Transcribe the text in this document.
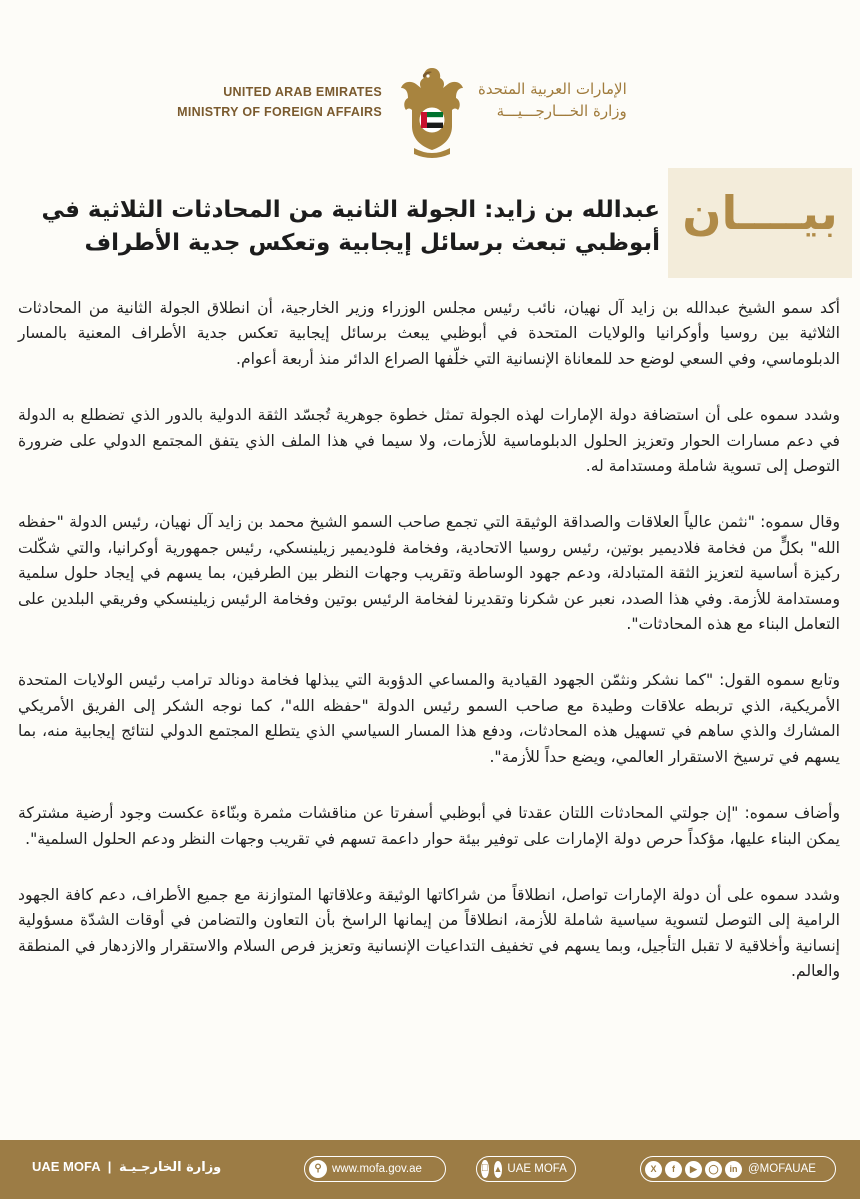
UNITED ARAB EMIRATES
MINISTRY OF FOREIGN AFFAIRS
الإمارات العربية المتحدة
وزارة الخـــارجـــيـــة
بيــــان
عبدالله بن زايد: الجولة الثانية من المحادثات الثلاثية في أبوظبي تبعث برسائل إيجابية وتعكس جدية الأطراف

أكد سمو الشيخ عبدالله بن زايد آل نهيان، نائب رئيس مجلس الوزراء وزير الخارجية، أن انطلاق الجولة الثانية من المحادثات الثلاثية بين روسيا وأوكرانيا والولايات المتحدة في أبوظبي يبعث برسائل إيجابية تعكس جدية الأطراف المعنية بالمسار الدبلوماسي، وفي السعي لوضع حد للمعاناة الإنسانية التي خلّفها الصراع الدائر منذ أربعة أعوام.

وشدد سموه على أن استضافة دولة الإمارات لهذه الجولة تمثل خطوة جوهرية تُجسّد الثقة الدولية بالدور الذي تضطلع به الدولة في دعم مسارات الحوار وتعزيز الحلول الدبلوماسية للأزمات، ولا سيما في هذا الملف الذي يتفق المجتمع الدولي على ضرورة التوصل إلى تسوية شاملة ومستدامة له.

وقال سموه: "نثمن عالياً العلاقات والصداقة الوثيقة التي تجمع صاحب السمو الشيخ محمد بن زايد آل نهيان، رئيس الدولة "حفظه الله" بكلٍّ من فخامة فلاديمير بوتين، رئيس روسيا الاتحادية، وفخامة فلوديمير زيلينسكي، رئيس جمهورية أوكرانيا، والتي شكّلت ركيزة أساسية لتعزيز الثقة المتبادلة، ودعم جهود الوساطة وتقريب وجهات النظر بين الطرفين، بما يسهم في إيجاد حلول سلمية ومستدامة للأزمة. وفي هذا الصدد، نعبر عن شكرنا وتقديرنا لفخامة الرئيس بوتين وفخامة الرئيس زيلينسكي وفريقي البلدين على التعامل البناء مع هذه المحادثات".

وتابع سموه القول: "كما نشكر ونثمّن الجهود القيادية والمساعي الدؤوبة التي يبذلها فخامة دونالد ترامب رئيس الولايات المتحدة الأمريكية، الذي تربطه علاقات وطيدة مع صاحب السمو رئيس الدولة "حفظه الله"، كما نوجه الشكر إلى الفريق الأمريكي المشارك والذي ساهم في تسهيل هذه المحادثات، ودفع هذا المسار السياسي الذي يتطلع المجتمع الدولي لنتائج إيجابية منه، بما يسهم في ترسيخ الاستقرار العالمي، ويضع حداً للأزمة".

وأضاف سموه: "إن جولتي المحادثات اللتان عقدتا في أبوظبي أسفرتا عن مناقشات مثمرة وبنّاءة عكست وجود أرضية مشتركة يمكن البناء عليها، مؤكداً حرص دولة الإمارات على توفير بيئة حوار داعمة تسهم في تقريب وجهات النظر ودعم الحلول السلمية".

وشدد سموه على أن دولة الإمارات تواصل، انطلاقاً من شراكاتها الوثيقة وعلاقاتها المتوازنة مع جميع الأطراف، دعم كافة الجهود الرامية إلى التوصل لتسوية سياسية شاملة للأزمة، انطلاقاً من إيمانها الراسخ بأن التعاون والتضامن في أوقات الشدّة مسؤولية إنسانية وأخلاقية لا تقبل التأجيل، وبما يسهم في تخفيف التداعيات الإنسانية وتعزيز فرص السلام والاستقرار والازدهار في المنطقة والعالم.

UAE MOFA | وزارة الخارجـيـة	⚲ www.mofa.gov.ae	▲ UAE MOFA	X	f	▶	◯	in @MOFAUAE
